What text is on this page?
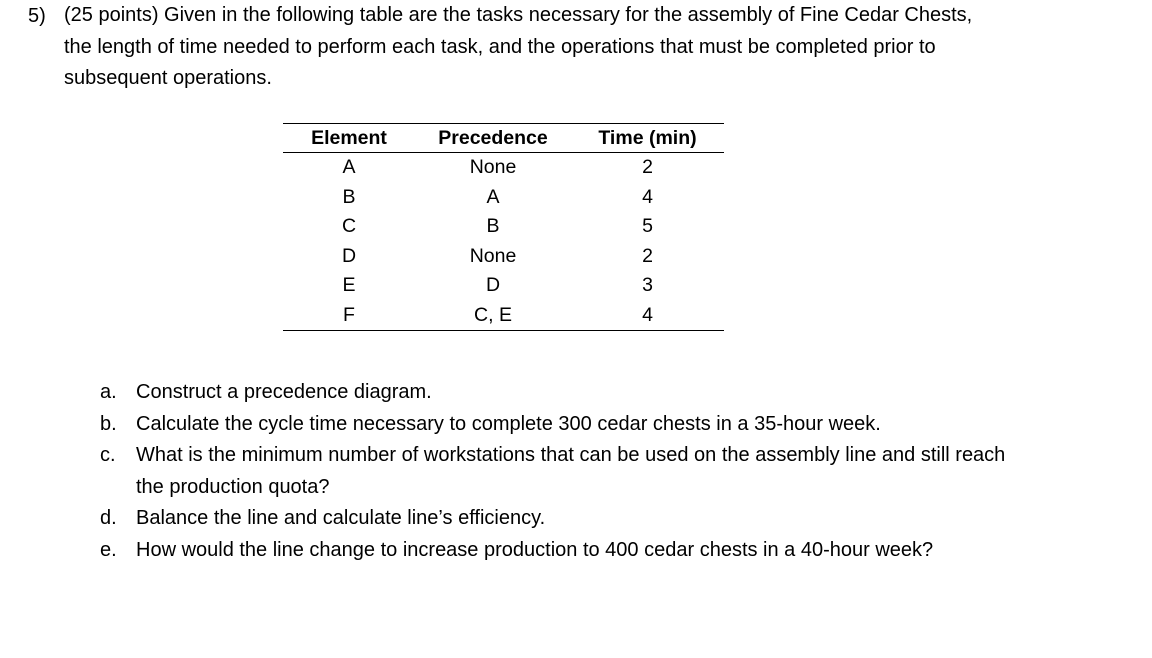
5) (25 points) Given in the following table are the tasks necessary for the assembly of Fine Cedar Chests, the length of time needed to perform each task, and the operations that must be completed prior to subsequent operations.
Element	Precedence	Time (min)
A	None	2
B	A	4
C	B	5
D	None	2
E	D	3
F	C, E	4
a. Construct a precedence diagram.
b. Calculate the cycle time necessary to complete 300 cedar chests in a 35-hour week.
c. What is the minimum number of workstations that can be used on the assembly line and still reach the production quota?
d. Balance the line and calculate line’s efficiency.
e. How would the line change to increase production to 400 cedar chests in a 40-hour week?
